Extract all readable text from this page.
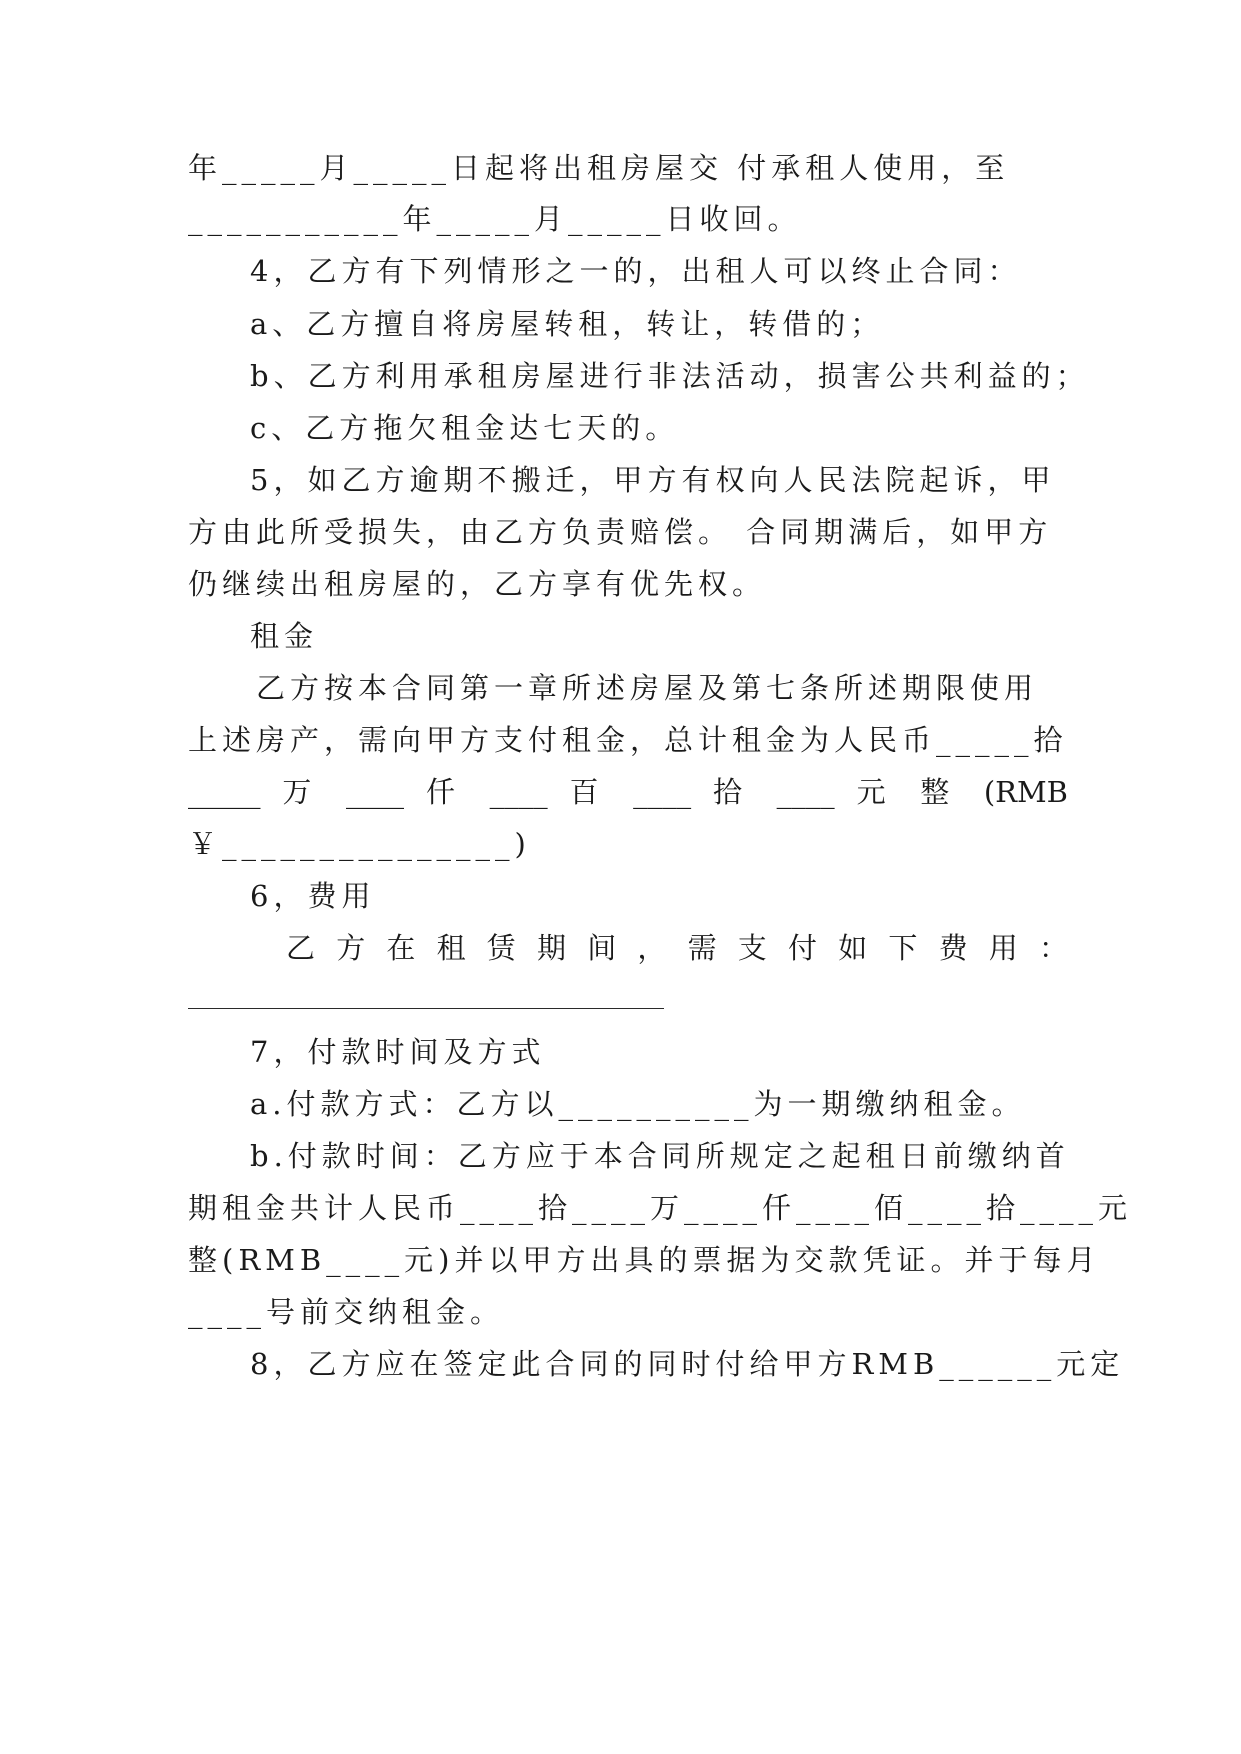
年_____月_____日起将出租房屋交 付承租人使用，至
___________年_____月_____日收回。
4，乙方有下列情形之一的，出租人可以终止合同：
a、乙方擅自将房屋转租，转让，转借的；
b、乙方利用承租房屋进行非法活动，损害公共利益的；
c、乙方拖欠租金达七天的。
5，如乙方逾期不搬迁，甲方有权向人民法院起诉，甲
方由此所受损失，由乙方负责赔偿。 合同期满后，如甲方
仍继续出租房屋的，乙方享有优先权。
租金
乙方按本合同第一章所述房屋及第七条所述期限使用
上述房产，需向甲方支付租金，总计租金为人民币_____拾
_____ 万 ____ 仟 ____ 百 ____ 拾 ____ 元 整 (RMB
￥_______________)
6，费用
乙 方 在 租 赁 期 间 ， 需 支 付 如 下 费 用 ：
7，付款时间及方式
a.付款方式：乙方以__________为一期缴纳租金。
b.付款时间：乙方应于本合同所规定之起租日前缴纳首
期租金共计人民币____拾____万____仟____佰____拾____元
整(RMB____元)并以甲方出具的票据为交款凭证。并于每月
____号前交纳租金。
8，乙方应在签定此合同的同时付给甲方RMB______元定
